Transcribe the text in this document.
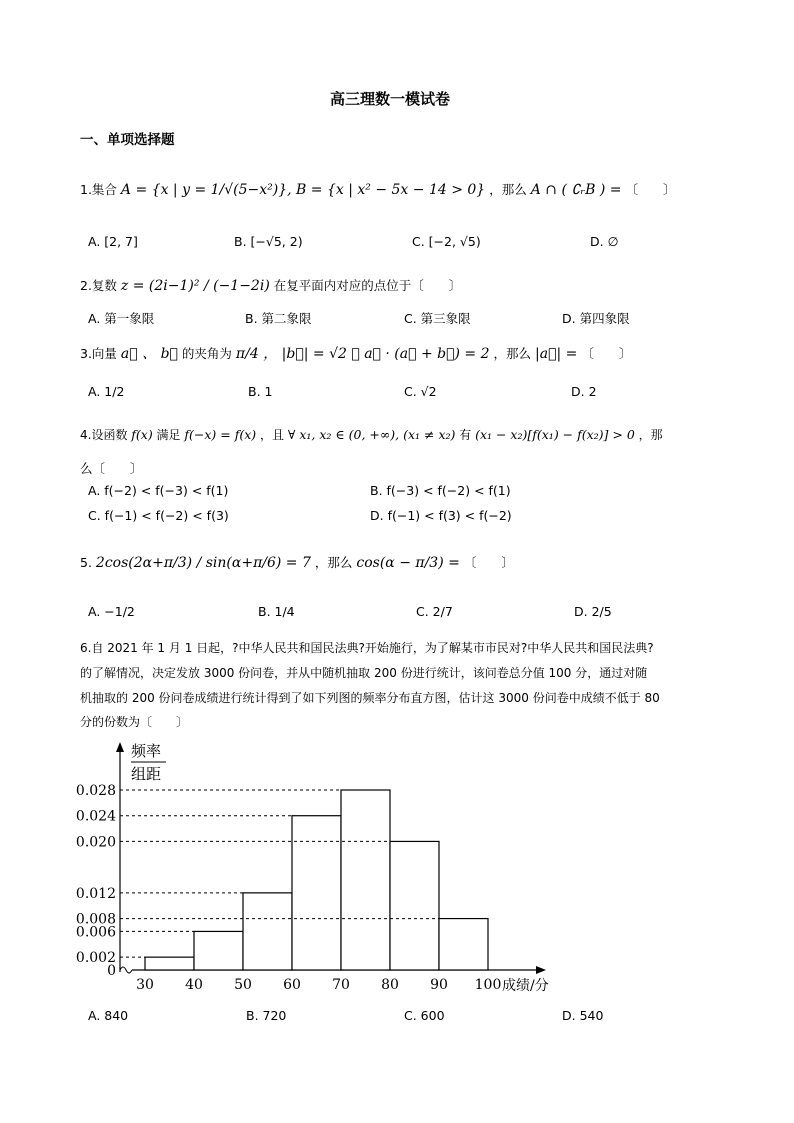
高三理数一模试卷
一、单项选择题
1.集合 A = {x | y = 1/√(5−x²)}, B = {x | x² − 5x − 14 > 0} ，那么 A ∩ ( ∁ᵣB ) = 〔　　〕
A. [2, 7]	B. [−√5, 2)	C. [−2, √5)	D. ∅
2.复数 z = (2i−1)² / (−1−2i) 在复平面内对应的点位于〔　　〕
A. 第一象限	B. 第二象限	C. 第三象限	D. 第四象限
3.向量 a⃗ 、 b⃗ 的夹角为 π/4 ， |b⃗| = √2 ， a⃗ · (a⃗ + b⃗) = 2 ，那么 |a⃗| = 〔　　〕
A. 1/2	B. 1	C. √2	D. 2
4.设函数 f(x) 满足 f(−x) = f(x) ，且 ∀ x₁, x₂ ∈ (0, +∞), (x₁ ≠ x₂) 有 (x₁ − x₂)[f(x₁) − f(x₂)] > 0 ，那
么〔　　〕
A. f(−2) < f(−3) < f(1)	B. f(−3) < f(−2) < f(1)
C. f(−1) < f(−2) < f(3)	D. f(−1) < f(3) < f(−2)
5. 2cos(2α+π/3) / sin(α+π/6) = 7 ，那么 cos(α − π/3) = 〔　　〕
A. −1/2	B. 1/4	C. 2/7	D. 2/5
6.自 2021 年 1 月 1 日起，?中华人民共和国民法典?开始施行，为了解某市市民对?中华人民共和国民法典?
的了解情况，决定发放 3000 份问卷，并从中随机抽取 200 份进行统计，该问卷总分值 100 分，通过对随
机抽取的 200 份问卷成绩进行统计得到了如下列图的频率分布直方图，估计这 3000 份问卷中成绩不低于 80
分的份数为〔　　〕
频率
组距
成绩/分
0
0.002
0.006
0.008
0.012
0.020
0.024
0.028
30 40 50 60 70 80 90 100
A. 840	B. 720	C. 600	D. 540
